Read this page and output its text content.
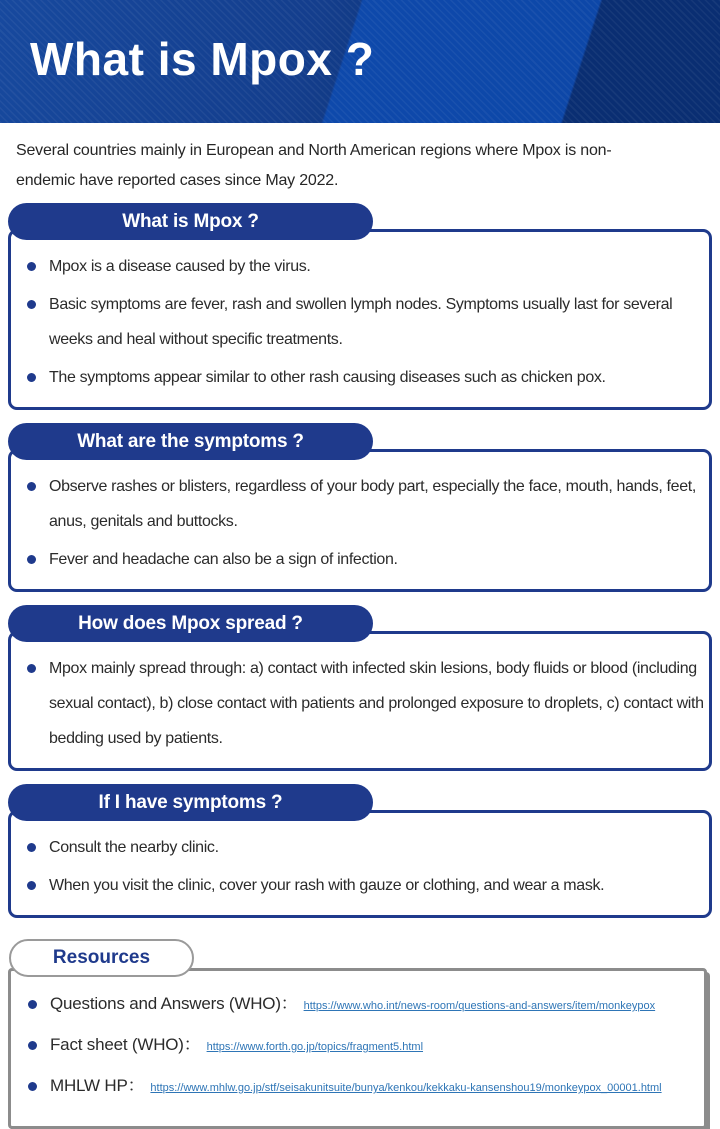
What is Mpox ?

Several countries mainly in European and North American regions where Mpox is non-endemic have reported cases since May 2022.

What is Mpox ?
Mpox is a disease caused by the virus.
Basic symptoms are fever, rash and swollen lymph nodes. Symptoms usually last for several weeks and heal without specific treatments.
The symptoms appear similar to other rash causing diseases such as chicken pox.
What are the symptoms ?
Observe rashes or blisters, regardless of your body part, especially the face, mouth, hands, feet, anus, genitals and buttocks.
Fever and headache can also be a sign of infection.
How does Mpox spread ?
Mpox mainly spread through: a) contact with infected skin lesions, body fluids or blood (including sexual contact), b) close contact with patients and prolonged exposure to droplets, c) contact with bedding used by patients.
If I have symptoms ?
Consult the nearby clinic.
When you visit the clinic, cover your rash with gauze or clothing, and wear a mask.
Resources
Questions and Answers (WHO)： https://www.who.int/news-room/questions-and-answers/item/monkeypox
Fact sheet (WHO)： https://www.forth.go.jp/topics/fragment5.html
MHLW HP： https://www.mhlw.go.jp/stf/seisakunitsuite/bunya/kenkou/kekkaku-kansenshou19/monkeypox_00001.html
